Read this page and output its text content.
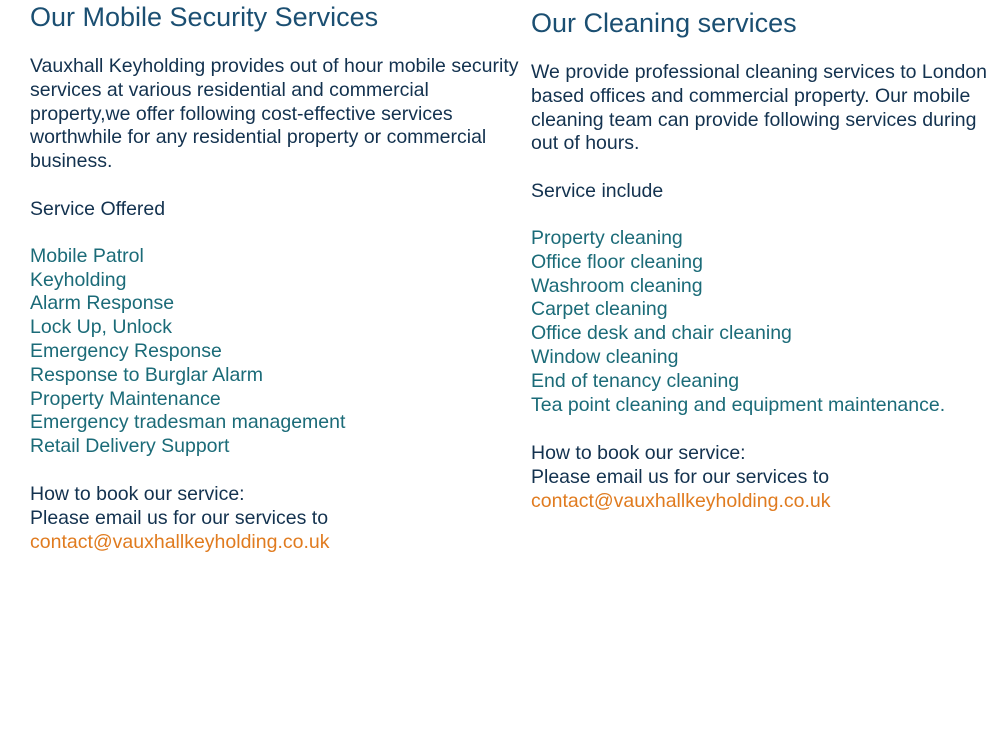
Our Mobile Security Services

Vauxhall Keyholding provides out of hour mobile security services at various residential and commercial property,we offer following cost-effective services worthwhile for any residential property or commercial business.

Service Offered
Mobile Patrol
Keyholding
Alarm Response
Lock Up, Unlock
Emergency Response
Response to Burglar Alarm
Property Maintenance
Emergency tradesman management
Retail Delivery Support
How to book our service:
Please email us for our services to
contact@vauxhallkeyholding.co.uk
Our Cleaning services

We provide professional cleaning services to London based offices and commercial property. Our mobile cleaning team can provide following services during out of hours.

Service include
Property cleaning
Office floor cleaning
Washroom cleaning
Carpet cleaning
Office desk and chair cleaning
Window cleaning
End of tenancy cleaning
Tea point cleaning and equipment maintenance.
How to book our service:
Please email us for our services to
contact@vauxhallkeyholding.co.uk
